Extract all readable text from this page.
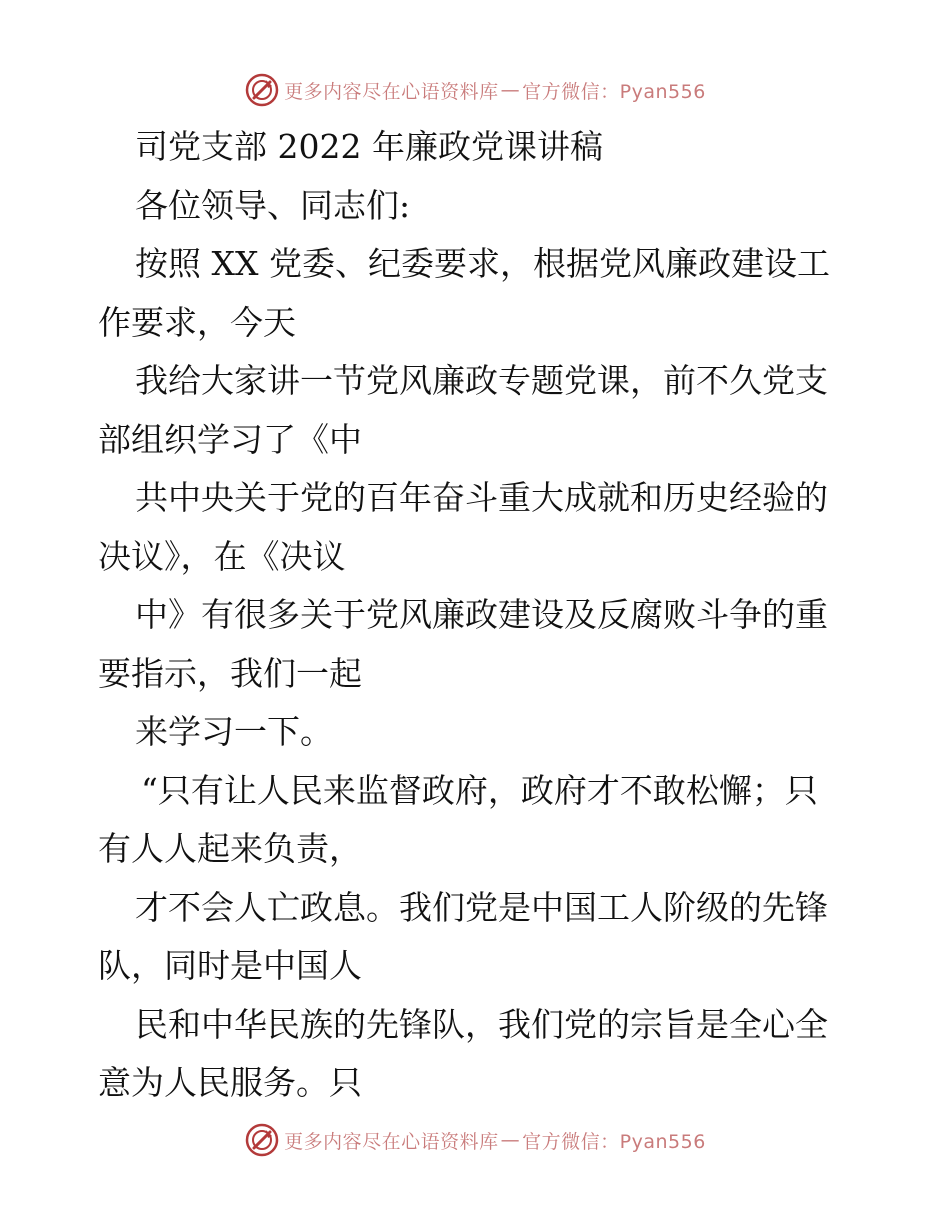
更多内容尽在心语资料库 — 官方微信：Pyan556
司党支部 2022 年廉政党课讲稿
各位领导、同志们:
按照 XX 党委、纪委要求，根据党风廉政建设工
作要求，今天
我给大家讲一节党风廉政专题党课，前不久党支
部组织学习了《中
共中央关于党的百年奋斗重大成就和历史经验的
决议》，在《决议
中》有很多关于党风廉政建设及反腐败斗争的重
要指示，我们一起
来学习一下。
“只有让人民来监督政府，政府才不敢松懈；只
有人人起来负责，
才不会人亡政息。我们党是中国工人阶级的先锋
队，同时是中国人
民和中华民族的先锋队，我们党的宗旨是全心全
意为人民服务。只
更多内容尽在心语资料库 — 官方微信：Pyan556
